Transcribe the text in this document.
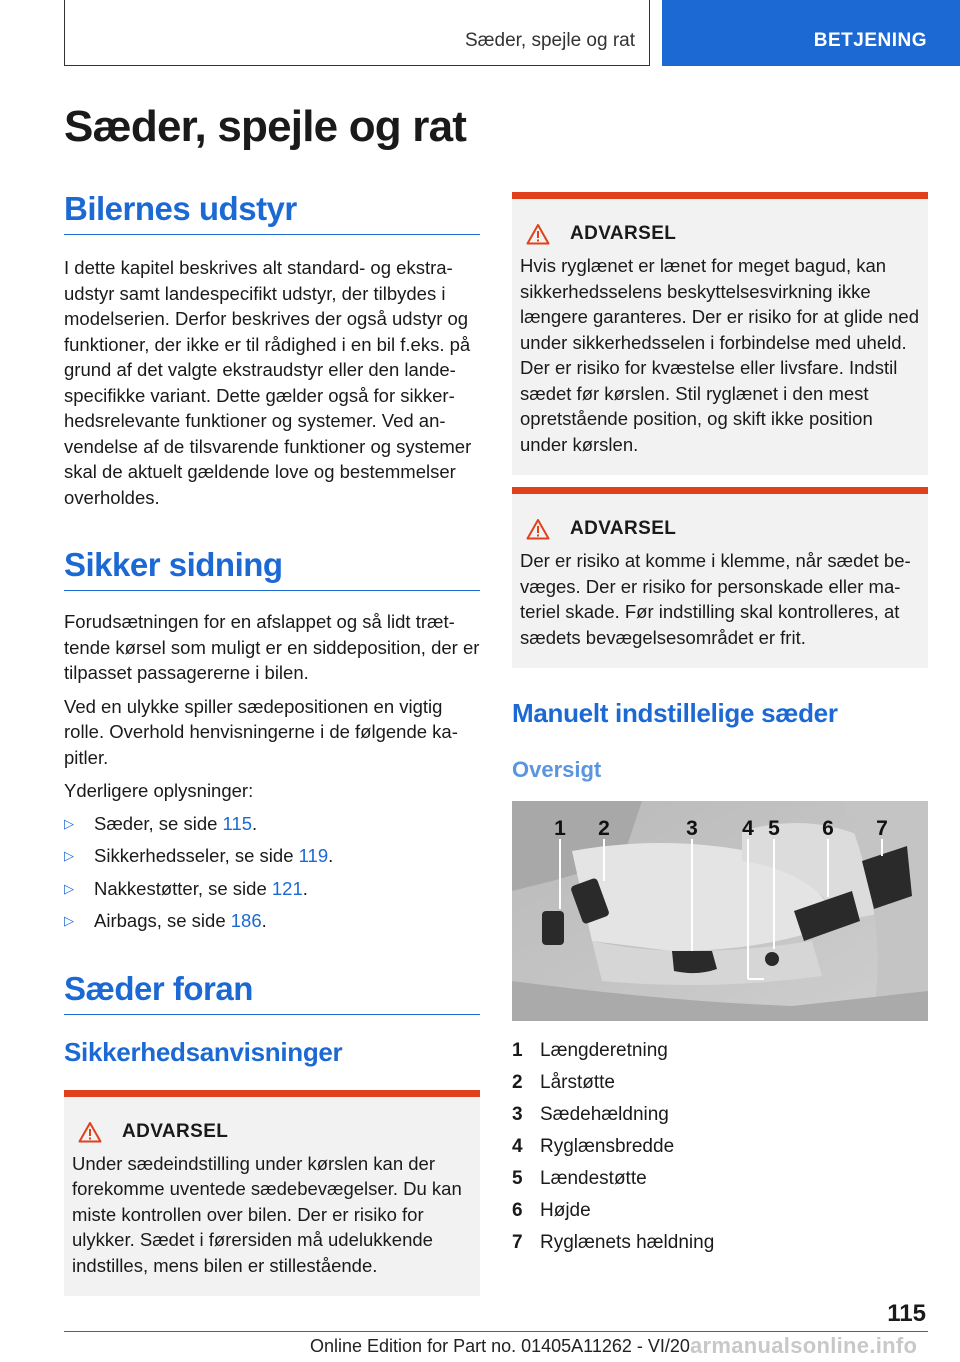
Sæder, spejle og rat	BETJENING
Sæder, spejle og rat
Bilernes udstyr

I dette kapitel beskrives alt standard- og ekstraudstyr samt landespecifikt udstyr, der tilbydes i modelserien. Derfor beskrives der også udstyr og funktioner, der ikke er til rådighed i en bil f.eks. på grund af det valgte ekstraudstyr eller den landespecifikke variant. Dette gælder også for sikkerhedsrelevante funktioner og systemer. Ved anvendelse af de tilsvarende funktioner og systemer skal de aktuelt gældende love og bestemmelser overholdes.

Sikker sidning

Forudsætningen for en afslappet og så lidt trættende kørsel som muligt er en siddeposition, der er tilpasset passagererne i bilen.

Ved en ulykke spiller sædepositionen en vigtig rolle. Overhold henvisningerne i de følgende kapitler.

Yderligere oplysninger:

▷ Sæder, se side 115.
▷ Sikkerhedsseler, se side 119.
▷ Nakkestøtter, se side 121.
▷ Airbags, se side 186.
Sæder foran
Sikkerhedsanvisninger
ADVARSEL

Under sædeindstilling under kørslen kan der forekomme uventede sædebevægelser. Du kan miste kontrollen over bilen. Der er risiko for ulykker. Sædet i førersiden må udelukkende indstilles, mens bilen er stillestående.

ADVARSEL

Hvis ryglænet er lænet for meget bagud, kan sikkerhedsselens beskyttelsesvirkning ikke længere garanteres. Der er risiko for at glide ned under sikkerhedsselen i forbindelse med uheld. Der er risiko for kvæstelse eller livsfare. Indstil sædet før kørslen. Stil ryglænet i den mest opretstående position, og skift ikke position under kørslen.

ADVARSEL

Der er risiko at komme i klemme, når sædet bevæges. Der er risiko for personskade eller materiel skade. Før indstilling skal kontrolleres, at sædets bevægelsesområdet er frit.

Manuelt indstillelige sæder
Oversigt
1 2	3 4 5 6 7
1 Længderetning
2 Lårstøtte
3 Sædehældning
4 Ryglænsbredde
5 Lændestøtte
6 Højde
7 Ryglænets hældning
115
Online Edition for Part no. 01405A11262 - VI/20 armanualsonline.info
